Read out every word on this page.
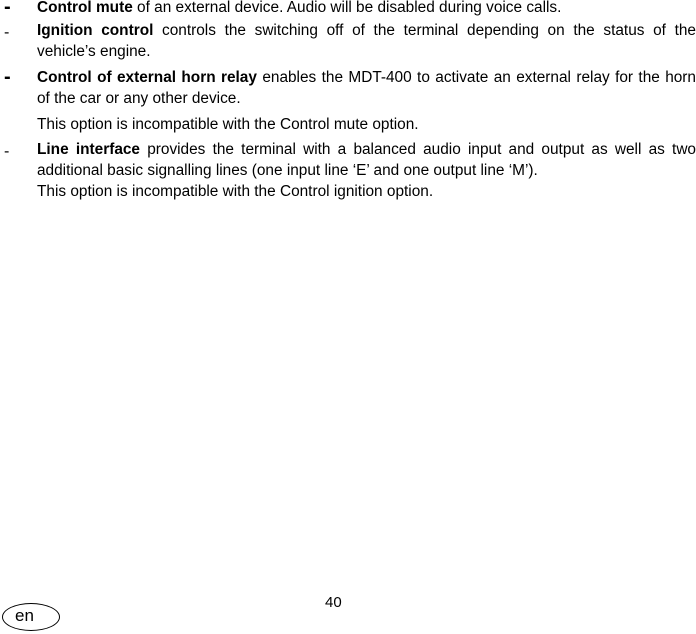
- Control mute of an external device. Audio will be disabled during voice calls.
- Ignition control controls the switching off of the terminal depending on the status of the vehicle’s engine.
- Control of external horn relay enables the MDT-400 to activate an external relay for the horn of the car or any other device.
This option is incompatible with the Control mute option.
- Line interface provides the terminal with a balanced audio input and output as well as two additional basic signalling lines (one input line ‘E’ and one output line ‘M’).
This option is incompatible with the Control ignition option.
40
en
